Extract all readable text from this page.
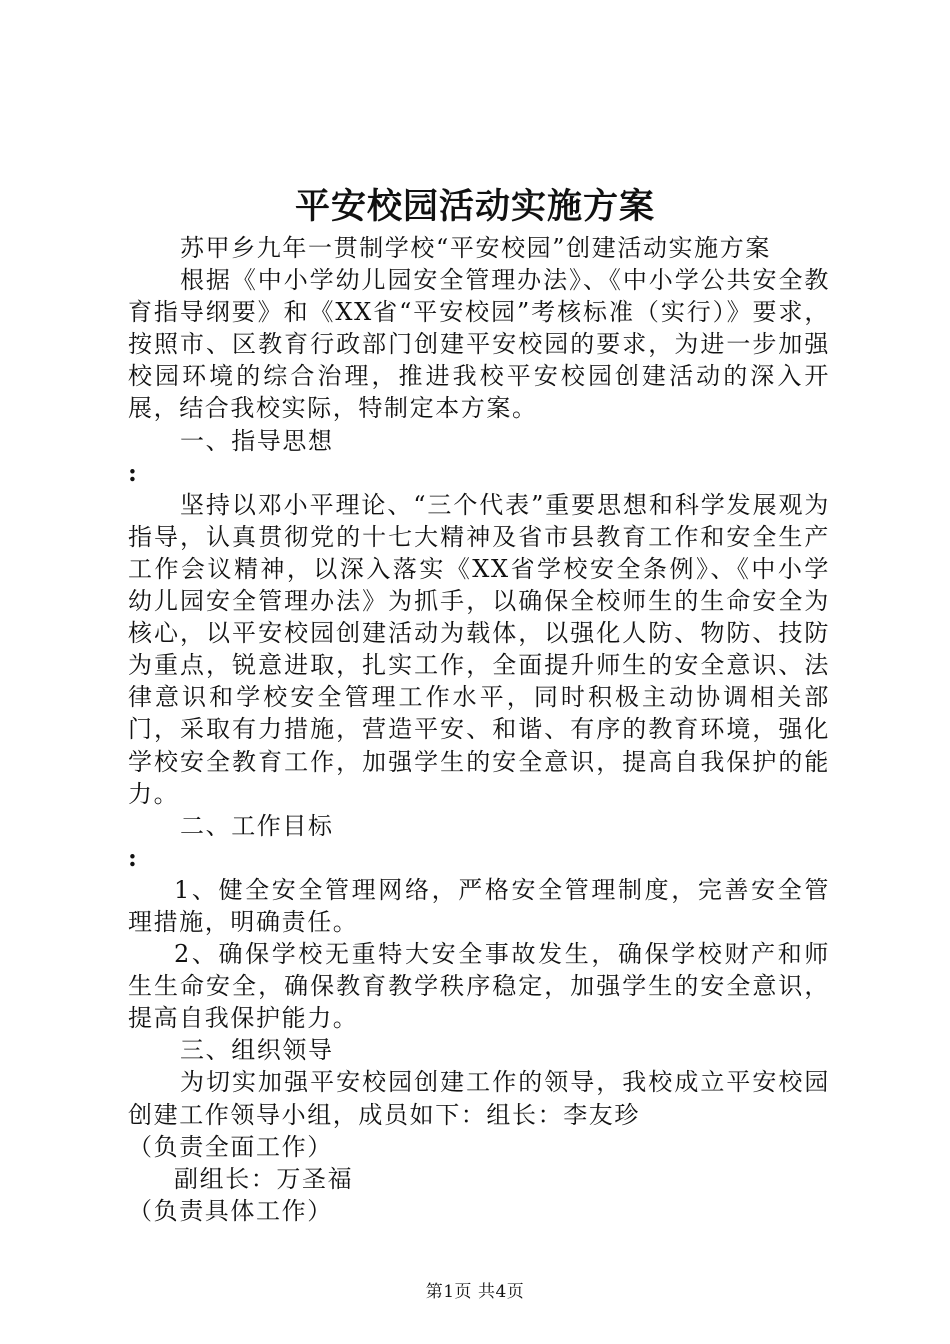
平安校园活动实施方案

苏甲乡九年一贯制学校“平安校园”创建活动实施方案

根据《中小学幼儿园安全管理办法》、《中小学公共安全教育指导纲要》和《XX省“平安校园”考核标准（实行）》要求，按照市、区教育行政部门创建平安校园的要求，为进一步加强校园环境的综合治理，推进我校平安校园创建活动的深入开展，结合我校实际，特制定本方案。

一、指导思想

:

坚持以邓小平理论、“三个代表”重要思想和科学发展观为指导，认真贯彻党的十七大精神及省市县教育工作和安全生产工作会议精神，以深入落实《XX省学校安全条例》、《中小学幼儿园安全管理办法》为抓手，以确保全校师生的生命安全为核心，以平安校园创建活动为载体，以强化人防、物防、技防为重点，锐意进取，扎实工作，全面提升师生的安全意识、法律意识和学校安全管理工作水平，同时积极主动协调相关部门，采取有力措施，营造平安、和谐、有序的教育环境，强化学校安全教育工作，加强学生的安全意识，提高自我保护的能力。

二、工作目标

:

1、健全安全管理网络，严格安全管理制度，完善安全管理措施，明确责任。

2、确保学校无重特大安全事故发生，确保学校财产和师生生命安全，确保教育教学秩序稳定，加强学生的安全意识，提高自我保护能力。

三、组织领导

为切实加强平安校园创建工作的领导，我校成立平安校园创建工作领导小组，成员如下：组长：李友珍

（负责全面工作）

副组长：万圣福

（负责具体工作）

第1页 共4页
